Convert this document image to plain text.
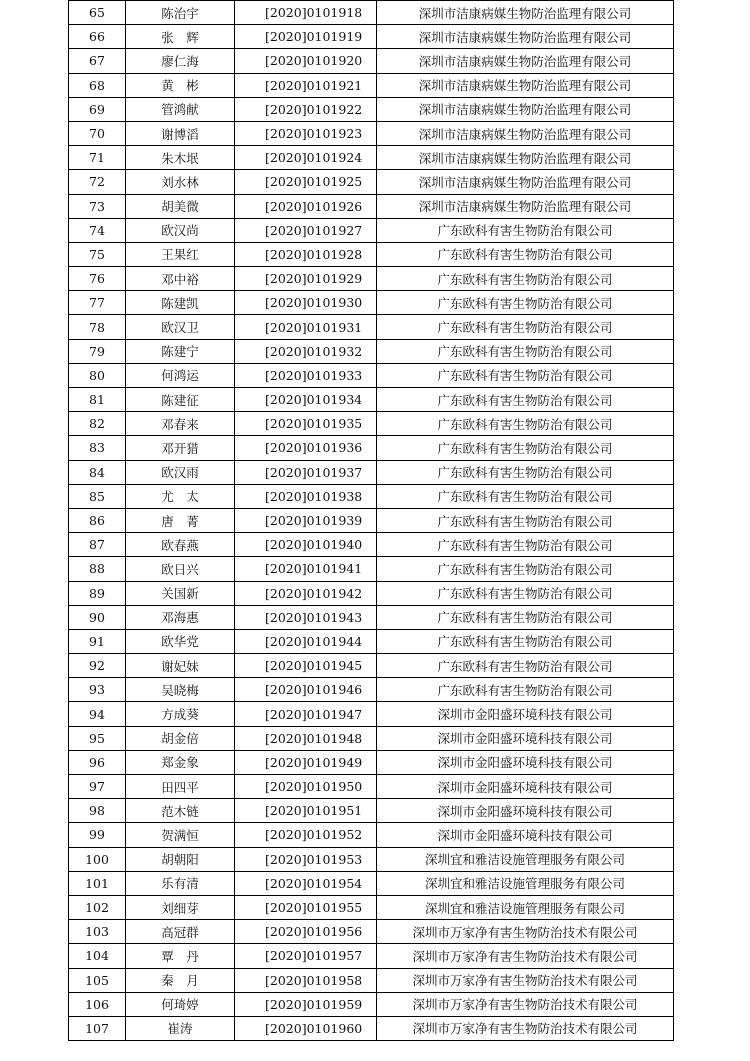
65	陈治宇	[2020]0101918	深圳市洁康病媒生物防治监理有限公司
66	张　辉	[2020]0101919	深圳市洁康病媒生物防治监理有限公司
67	廖仁海	[2020]0101920	深圳市洁康病媒生物防治监理有限公司
68	黄　彬	[2020]0101921	深圳市洁康病媒生物防治监理有限公司
69	管鸿献	[2020]0101922	深圳市洁康病媒生物防治监理有限公司
70	谢博滔	[2020]0101923	深圳市洁康病媒生物防治监理有限公司
71	朱木垊	[2020]0101924	深圳市洁康病媒生物防治监理有限公司
72	刘水林	[2020]0101925	深圳市洁康病媒生物防治监理有限公司
73	胡美微	[2020]0101926	深圳市洁康病媒生物防治监理有限公司
74	欧汉尚	[2020]0101927	广东欧科有害生物防治有限公司
75	王果红	[2020]0101928	广东欧科有害生物防治有限公司
76	邓中裕	[2020]0101929	广东欧科有害生物防治有限公司
77	陈建凯	[2020]0101930	广东欧科有害生物防治有限公司
78	欧汉卫	[2020]0101931	广东欧科有害生物防治有限公司
79	陈建宁	[2020]0101932	广东欧科有害生物防治有限公司
80	何鸿运	[2020]0101933	广东欧科有害生物防治有限公司
81	陈建征	[2020]0101934	广东欧科有害生物防治有限公司
82	邓春来	[2020]0101935	广东欧科有害生物防治有限公司
83	邓开猎	[2020]0101936	广东欧科有害生物防治有限公司
84	欧汉雨	[2020]0101937	广东欧科有害生物防治有限公司
85	尤　太	[2020]0101938	广东欧科有害生物防治有限公司
86	唐　菁	[2020]0101939	广东欧科有害生物防治有限公司
87	欧春燕	[2020]0101940	广东欧科有害生物防治有限公司
88	欧日兴	[2020]0101941	广东欧科有害生物防治有限公司
89	关国新	[2020]0101942	广东欧科有害生物防治有限公司
90	邓海惠	[2020]0101943	广东欧科有害生物防治有限公司
91	欧华党	[2020]0101944	广东欧科有害生物防治有限公司
92	谢妃妹	[2020]0101945	广东欧科有害生物防治有限公司
93	吴晓梅	[2020]0101946	广东欧科有害生物防治有限公司
94	方成葵	[2020]0101947	深圳市金阳盛环境科技有限公司
95	胡金倍	[2020]0101948	深圳市金阳盛环境科技有限公司
96	郑金象	[2020]0101949	深圳市金阳盛环境科技有限公司
97	田四平	[2020]0101950	深圳市金阳盛环境科技有限公司
98	范木链	[2020]0101951	深圳市金阳盛环境科技有限公司
99	贺满恒	[2020]0101952	深圳市金阳盛环境科技有限公司
100	胡朝阳	[2020]0101953	深圳宜和雅洁设施管理服务有限公司
101	乐有清	[2020]0101954	深圳宜和雅洁设施管理服务有限公司
102	刘细芽	[2020]0101955	深圳宜和雅洁设施管理服务有限公司
103	高冠群	[2020]0101956	深圳市万家净有害生物防治技术有限公司
104	覃　丹	[2020]0101957	深圳市万家净有害生物防治技术有限公司
105	秦　月	[2020]0101958	深圳市万家净有害生物防治技术有限公司
106	何琦婷	[2020]0101959	深圳市万家净有害生物防治技术有限公司
107	崔涛	[2020]0101960	深圳市万家净有害生物防治技术有限公司
